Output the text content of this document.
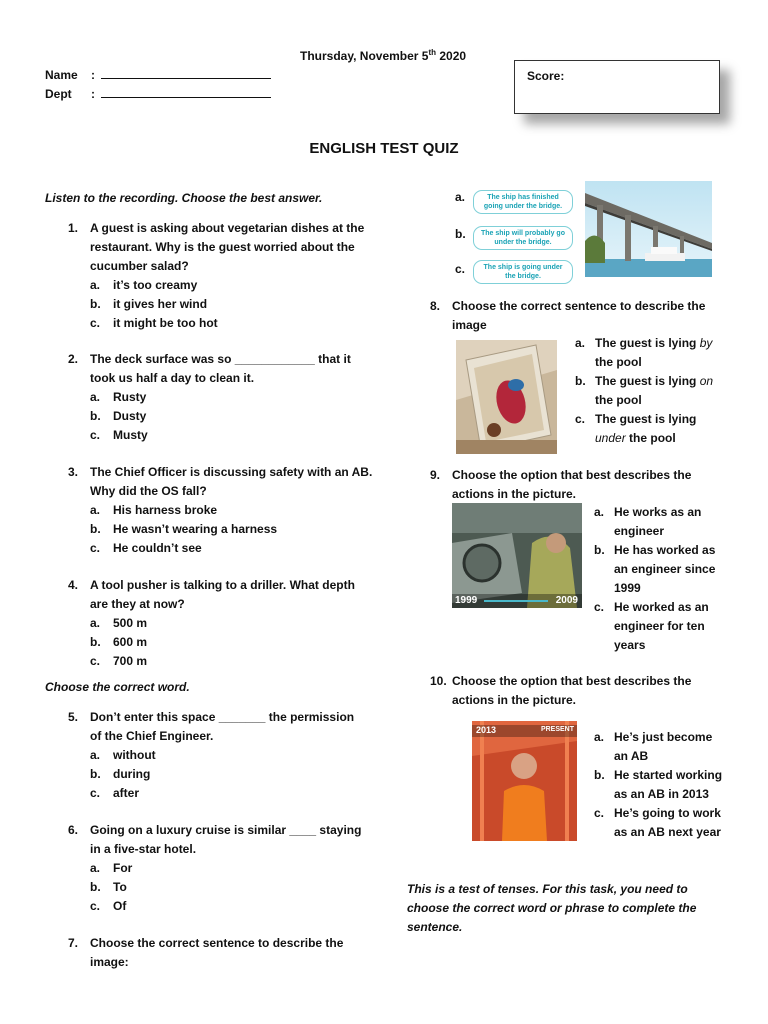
Thursday, November 5th 2020
Name :
Dept :
Score:
ENGLISH TEST QUIZ
Listen to the recording. Choose the best answer.
1. A guest is asking about vegetarian dishes at the
restaurant. Why is the guest worried about the
cucumber salad?
a. it’s too creamy
b. it gives her wind
c. it might be too hot
2. The deck surface was so ____________ that it
took us half a day to clean it.
a. Rusty
b. Dusty
c. Musty
3. The Chief Officer is discussing safety with an AB.
Why did the OS fall?
a. His harness broke
b. He wasn’t wearing a harness
c. He couldn’t see
4. A tool pusher is talking to a driller. What depth
are they at now?
a. 500 m
b. 600 m
c. 700 m
5. Don’t enter this space _______ the permission
of the Chief Engineer.
a. without
b. during
c. after
6. Going on a luxury cruise is similar ____ staying
in a five-star hotel.
a. For
b. To
c. Of
7. Choose the correct sentence to describe the
image:
Choose the correct word.
a.
b.
c.
The ship has finished going under the bridge.
The ship will probably go under the bridge.
The ship is going under the bridge.
8. Choose the correct sentence to describe the
image
a. The guest is lying by
the pool
b. The guest is lying on
the pool
c. The guest is lying
under the pool
9. Choose the option that best describes the
actions in the picture.
1999	2009
a. He works as an
engineer
b. He has worked as
an engineer since
1999
c. He worked as an
engineer for ten
years
10. Choose the option that best describes the
actions in the picture.
2013	PRESENT
a. He’s just become
an AB
b. He started working
as an AB in 2013
c. He’s going to work
as an AB next year
This is a test of tenses. For this task, you need to
choose the correct word or phrase to complete the
sentence.
